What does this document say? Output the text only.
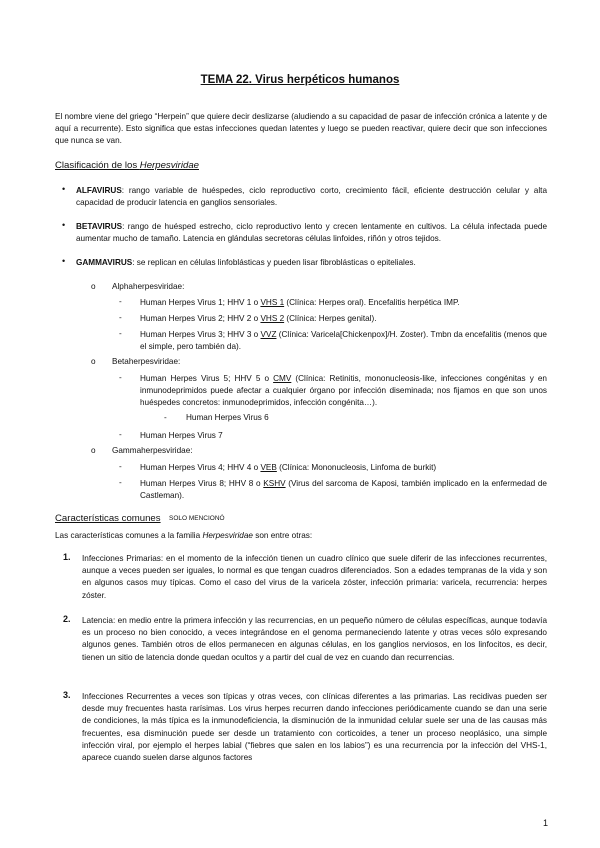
TEMA 22. Virus herpéticos humanos
El nombre viene del griego “Herpein” que quiere decir deslizarse (aludiendo a su capacidad de pasar de infección crónica a latente y de aquí a recurrente). Esto significa que estas infecciones quedan latentes y luego se pueden reactivar, quiere decir que son infecciones que nunca se van.
Clasificación de los Herpesviridae
• ALFAVIRUS: rango variable de huéspedes, ciclo reproductivo corto, crecimiento fácil, eficiente destrucción celular y alta capacidad de producir latencia en ganglios sensoriales.
• BETAVIRUS: rango de huésped estrecho, ciclo reproductivo lento y crecen lentamente en cultivos. La célula infectada puede aumentar mucho de tamaño. Latencia en glándulas secretoras células linfoides, riñón y otros tejidos.
• GAMMAVIRUS: se replican en células linfoblásticas y pueden lisar fibroblásticas o epiteliales.
o Alphaherpesviridae:
- Human Herpes Virus 1; HHV 1 o VHS 1 (Clínica: Herpes oral). Encefalitis herpética IMP.
- Human Herpes Virus 2; HHV 2 o VHS 2 (Clínica: Herpes genital).
- Human Herpes Virus 3; HHV 3 o VVZ (Clínica: Varicela[Chickenpox]/H. Zoster). Tmbn da encefalitis (menos que el simple, pero también da).
o Betaherpesviridae:
- Human Herpes Virus 5; HHV 5 o CMV (Clínica: Retinitis, mononucleosis-like, infecciones congénitas y en inmunodeprimidos puede afectar a cualquier órgano por infección diseminada; nos fijamos en que son unos huéspedes concretos: inmunodeprimidos, infección congénita…).
- Human Herpes Virus 6
- Human Herpes Virus 7
o Gammaherpesviridae:
- Human Herpes Virus 4; HHV 4 o VEB (Clínica: Mononucleosis, Linfoma de burkit)
- Human Herpes Virus 8; HHV 8 o KSHV (Virus del sarcoma de Kaposi, también implicado en la enfermedad de Castleman).
Características comunes SOLO MENCIONÓ
Las características comunes a la familia Herpesviridae son entre otras:
1. Infecciones Primarias: en el momento de la infección tienen un cuadro clínico que suele diferir de las infecciones recurrentes, aunque a veces pueden ser iguales, lo normal es que tengan cuadros diferenciados. Son a edades tempranas de la vida y son en algunos casos muy típicas. Como el caso del virus de la varicela zóster, infección primaria: varicela, recurrencia: herpes zóster.
2. Latencia: en medio entre la primera infección y las recurrencias, en un pequeño número de células específicas, aunque todavía es un proceso no bien conocido, a veces integrándose en el genoma permaneciendo latente y otras veces sólo expresando algunos genes. También otros de ellos permanecen en algunas células, en los ganglios nerviosos, en los linfocitos, es decir, tienen un sitio de latencia donde quedan ocultos y a partir del cual de vez en cuando dan recurrencias.
3. Infecciones Recurrentes a veces son típicas y otras veces, con clínicas diferentes a las primarias. Las recidivas pueden ser desde muy frecuentes hasta rarísimas. Los virus herpes recurren dando infecciones periódicamente cuando se dan una serie de condiciones, la más típica es la inmunodeficiencia, la disminución de la inmunidad celular suele ser una de las causas más frecuentes, esa disminución puede ser desde un tratamiento con corticoides, a tener un proceso neoplásico, una simple infección viral, por ejemplo el herpes labial (“fiebres que salen en los labios”) es una recurrencia por la infección del VHS-1, aparece cuando suelen darse algunos factores
1
